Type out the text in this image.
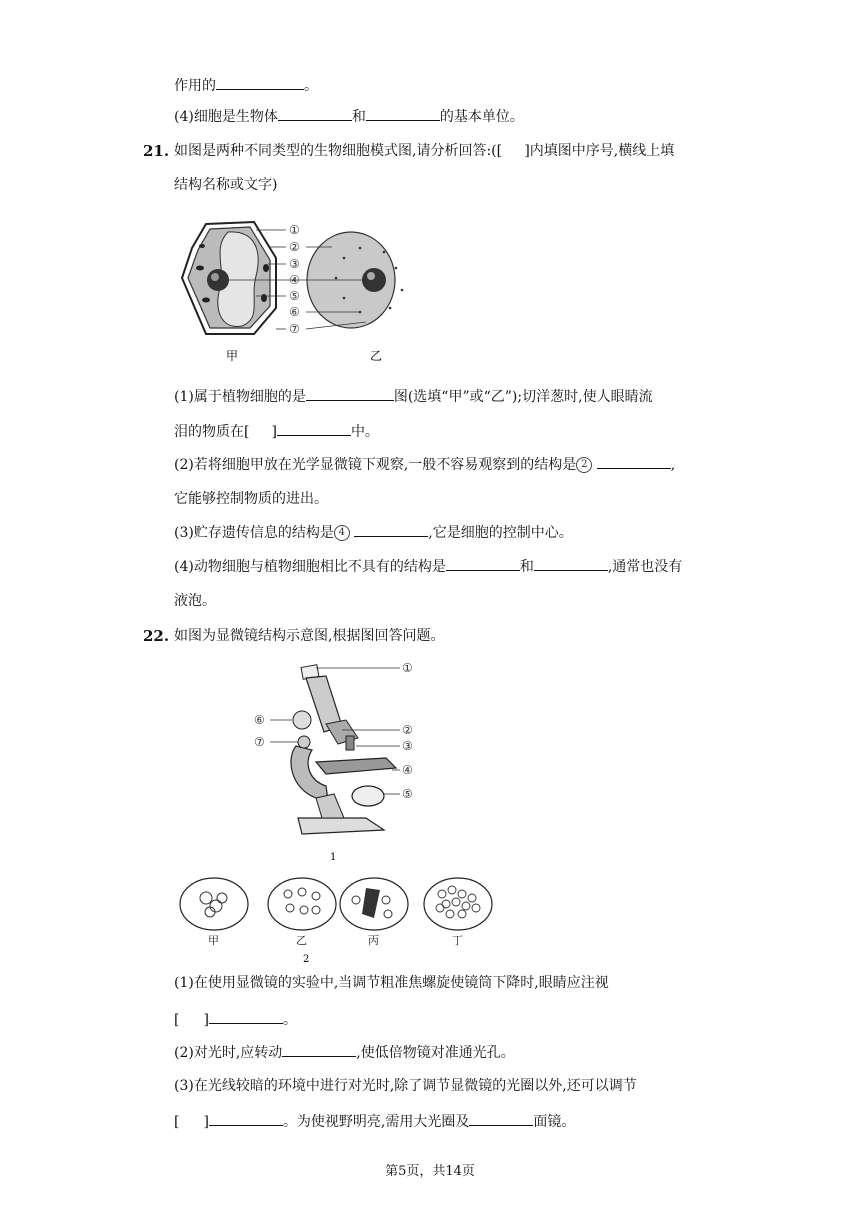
作用的	。
(4)细胞是生物体	和	的基本单位。
21. 如图是两种不同类型的生物细胞模式图,请分析回答:([     ]内填图中序号,横线上填
结构名称或文字)
①
②
③
④
⑤
⑥
⑦
甲	乙
(1)属于植物细胞的是	图(选填“甲”或“乙”);切洋葱时,使人眼睛流
泪的物质在[ ]	中。
(2)若将细胞甲放在光学显微镜下观察,一般不容易观察到的结构是 2	,
它能够控制物质的进出。
(3)贮存遗传信息的结构是 4	,它是细胞的控制中心。
(4)动物细胞与植物细胞相比不具有的结构是	和	,通常也没有
液泡。
22. 如图为显微镜结构示意图,根据图回答问题。
①
②
③
④
⑤
⑥
⑦
1
甲	乙	丙	丁
2
(1)在使用显微镜的实验中,当调节粗准焦螺旋使镜筒下降时,眼睛应注视
[ ]	。
(2)对光时,应转动	,使低倍物镜对准通光孔。
(3)在光线较暗的环境中进行对光时,除了调节显微镜的光圈以外,还可以调节
[ ]	。为使视野明亮,需用大光圈及	面镜。
第5页，共14页
